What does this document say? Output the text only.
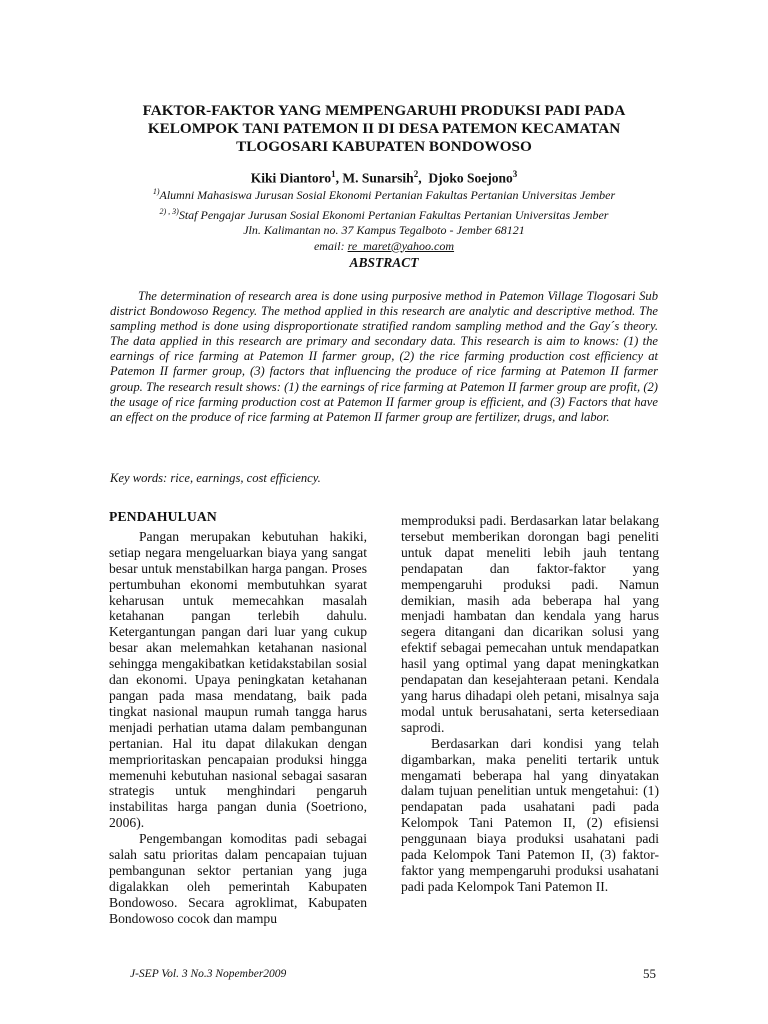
FAKTOR-FAKTOR YANG MEMPENGARUHI PRODUKSI PADI PADA
KELOMPOK TANI PATEMON II DI DESA PATEMON KECAMATAN
TLOGOSARI KABUPATEN BONDOWOSO
Kiki Diantoro$^1$, M. Sunarsih$^2$,  Djoko Soejono$^3$
$^{1)}$Alumni Mahasiswa Jurusan Sosial Ekonomi Pertanian Fakultas Pertanian Universitas Jember
$^{2) , 3)}$Staf Pengajar Jurusan Sosial Ekonomi Pertanian Fakultas Pertanian Universitas Jember
Jln. Kalimantan no. 37 Kampus Tegalboto - Jember 68121
email: re_maret@yahoo.com
ABSTRACT

The determination of research area is done using purposive method in Patemon Village Tlogosari Sub district Bondowoso Regency. The method applied in this research are analytic and descriptive method. The sampling method is done using disproportionate stratified random sampling method and the Gay´s theory. The data applied in this research are primary and secondary data. This research is aim to knows: (1) the earnings of rice farming at Patemon II farmer group, (2) the rice farming production cost efficiency at Patemon II farmer group, (3) factors that influencing the produce of rice farming at Patemon II farmer group. The research result shows: (1) the earnings of rice farming at Patemon II farmer group are profit, (2) the usage of rice farming production cost at Patemon II farmer group is efficient, and (3) Factors that have an effect on the produce of rice farming at Patemon II farmer group are fertilizer, drugs, and labor.

Key words: rice, earnings, cost efficiency.
PENDAHULUAN

Pangan merupakan kebutuhan hakiki, setiap negara mengeluarkan biaya yang sangat besar untuk menstabilkan harga pangan. Proses pertumbuhan ekonomi membutuhkan syarat keharusan untuk memecahkan masalah ketahanan pangan terlebih dahulu. Ketergantungan pangan dari luar yang cukup besar akan melemahkan ketahanan nasional sehingga mengakibatkan ketidakstabilan sosial dan ekonomi. Upaya peningkatan ketahanan pangan pada masa mendatang, baik pada tingkat nasional maupun rumah tangga harus menjadi perhatian utama dalam pembangunan pertanian. Hal itu dapat dilakukan dengan memprioritaskan pencapaian produksi hingga memenuhi kebutuhan nasional sebagai sasaran strategis untuk menghindari pengaruh instabilitas harga pangan dunia (Soetriono, 2006).

Pengembangan komoditas padi sebagai salah satu prioritas dalam pencapaian tujuan pembangunan sektor pertanian yang juga digalakkan oleh pemerintah Kabupaten Bondowoso. Secara agroklimat, Kabupaten Bondowoso cocok dan mampu

memproduksi padi. Berdasarkan latar belakang tersebut memberikan dorongan bagi peneliti untuk dapat meneliti lebih jauh tentang pendapatan dan faktor-faktor yang mempengaruhi produksi padi. Namun demikian, masih ada beberapa hal yang menjadi hambatan dan kendala yang harus segera ditangani dan dicarikan solusi yang efektif sebagai pemecahan untuk mendapatkan hasil yang optimal yang dapat meningkatkan pendapatan dan kesejahteraan petani. Kendala yang harus dihadapi oleh petani, misalnya saja modal untuk berusahatani, serta ketersediaan saprodi.

Berdasarkan dari kondisi yang telah digambarkan, maka peneliti tertarik untuk mengamati beberapa hal yang dinyatakan dalam tujuan penelitian untuk mengetahui: (1) pendapatan pada usahatani padi pada Kelompok Tani Patemon II, (2) efisiensi penggunaan biaya produksi usahatani padi pada Kelompok Tani Patemon II, (3) faktor-faktor yang mempengaruhi produksi usahatani padi pada Kelompok Tani Patemon II.

J-SEP Vol. 3 No.3 Nopember2009	55
